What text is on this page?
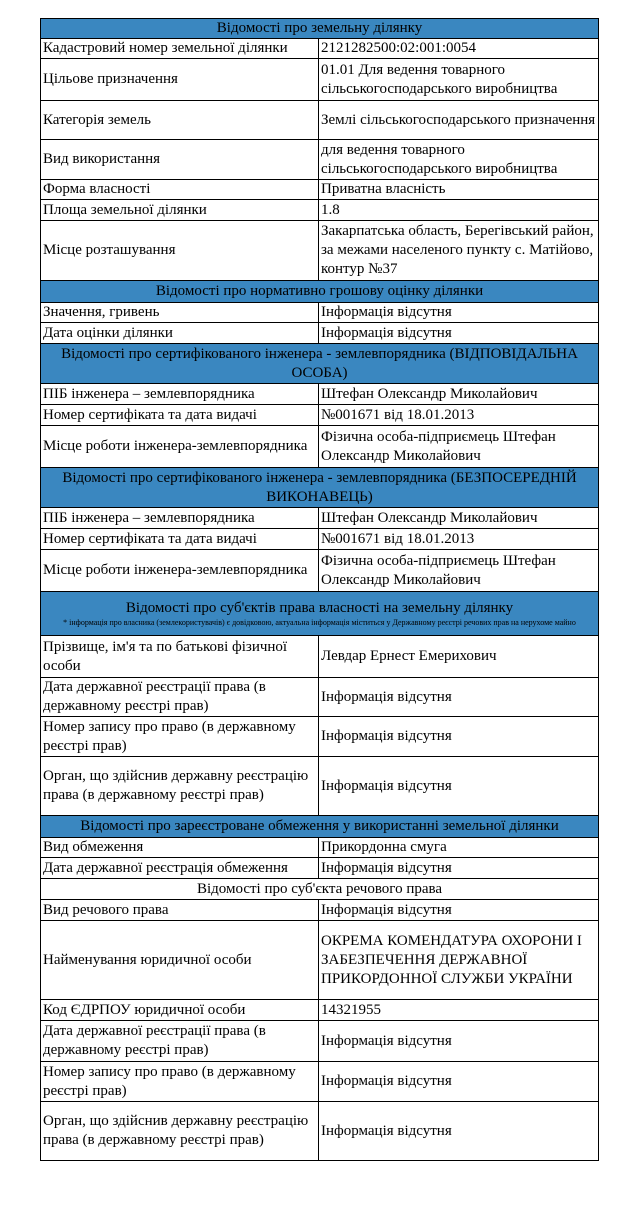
Відомості про земельну ділянку	
Кадастровий номер земельної ділянки	2121282500:02:001:0054
Цільове призначення	01.01 Для ведення товарного сільськогосподарського виробництва
Категорія земель	Землі сільськогосподарського призначення
Вид використання	для ведення товарного сільськогосподарського виробництва
Форма власності	Приватна власність
Площа земельної ділянки	1.8
Місце розташування	Закарпатська область, Берегівський район, за межами населеного пункту с. Матійово, контур №37
Відомості про нормативно грошову оцінку ділянки	
Значення, гривень	Інформація відсутня
Дата оцінки ділянки	Інформація відсутня
Відомості про сертифікованого інженера - землевпорядника (ВІДПОВІДАЛЬНА ОСОБА)	
ПІБ інженера – землевпорядника	Штефан Олександр Миколайович
Номер сертифіката та дата видачі	№001671 від 18.01.2013
Місце роботи інженера-землевпорядника	Фізична особа-підприємець Штефан Олександр Миколайович
Відомості про сертифікованого інженера - землевпорядника (БЕЗПОСЕРЕДНІЙ ВИКОНАВЕЦЬ)	
ПІБ інженера – землевпорядника	Штефан Олександр Миколайович
Номер сертифіката та дата видачі	№001671 від 18.01.2013
Місце роботи інженера-землевпорядника	Фізична особа-підприємець Штефан Олександр Миколайович
Відомості про суб'єктів права власності на земельну ділянку
* інформація про власника (землекористувачів) є довідковою, актуальна інформація міститься у Державному реєстрі речових прав на нерухоме майно	

Прізвище, ім'я та по батькові фізичної особи	Левдар Ернест Емерихович
Дата державної реєстрації права (в державному реєстрі прав)	Інформація відсутня
Номер запису про право (в державному реєстрі прав)	Інформація відсутня
Орган, що здійснив державну реєстрацію права (в державному реєстрі прав)	Інформація відсутня
Відомості про зареєстроване обмеження у використанні земельної ділянки	
Вид обмеження	Прикордонна смуга
Дата державної реєстрація обмеження	Інформація відсутня
Відомості про суб'єкта речового права	
Вид речового права	Інформація відсутня
Найменування юридичної особи	ОКРЕМА КОМЕНДАТУРА ОХОРОНИ І ЗАБЕЗПЕЧЕННЯ ДЕРЖАВНОЇ ПРИКОРДОННОЇ СЛУЖБИ УКРАЇНИ
Код ЄДРПОУ юридичної особи	14321955
Дата державної реєстрації права (в державному реєстрі прав)	Інформація відсутня
Номер запису про право (в державному реєстрі прав)	Інформація відсутня
Орган, що здійснив державну реєстрацію права (в державному реєстрі прав)	Інформація відсутня
